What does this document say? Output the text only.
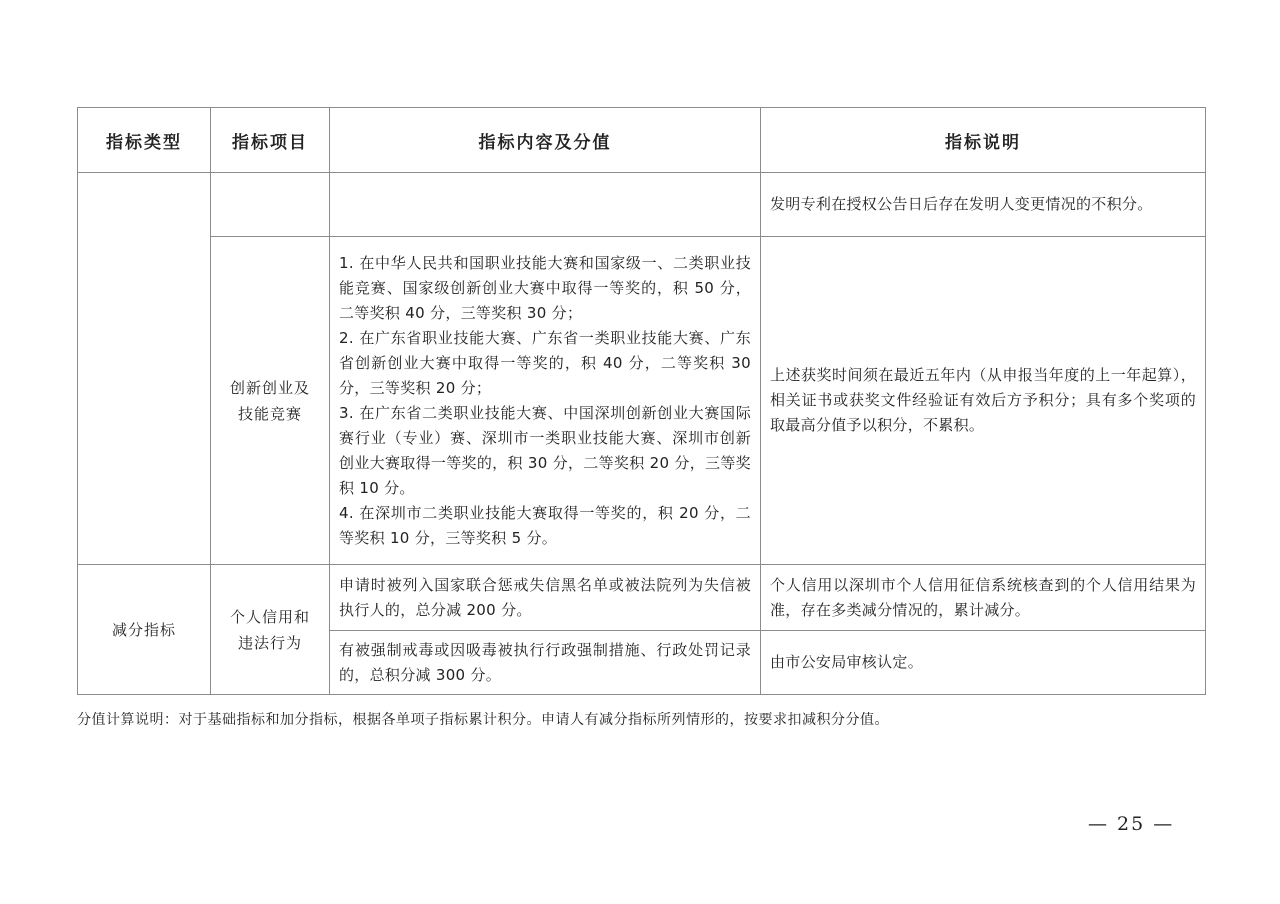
指标类型	指标项目	指标内容及分值	指标说明
			发明专利在授权公告日后存在发明人变更情况的不积分。

	创新创业及技能竞赛	1. 在中华人民共和国职业技能大赛和国家级一、二类职业技能竞赛、国家级创新创业大赛中取得一等奖的，积 50 分，二等奖积 40 分，三等奖积 30 分；
2. 在广东省职业技能大赛、广东省一类职业技能大赛、广东省创新创业大赛中取得一等奖的，积 40 分，二等奖积 30 分，三等奖积 20 分；
3. 在广东省二类职业技能大赛、中国深圳创新创业大赛国际赛行业（专业）赛、深圳市一类职业技能大赛、深圳市创新创业大赛取得一等奖的，积 30 分，二等奖积 20 分，三等奖积 10 分。
4. 在深圳市二类职业技能大赛取得一等奖的，积 20 分，二等奖积 10 分，三等奖积 5 分。	上述获奖时间须在最近五年内（从申报当年度的上一年起算），相关证书或获奖文件经验证有效后方予积分；具有多个奖项的取最高分值予以积分，不累积。
减分指标	个人信用和违法行为	申请时被列入国家联合惩戒失信黑名单或被法院列为失信被执行人的，总分减 200 分。	个人信用以深圳市个人信用征信系统核查到的个人信用结果为准，存在多类减分情况的，累计减分。
		有被强制戒毒或因吸毒被执行行政强制措施、行政处罚记录的，总积分减 300 分。	由市公安局审核认定。
分值计算说明：对于基础指标和加分指标，根据各单项子指标累计积分。申请人有减分指标所列情形的，按要求扣减积分分值。
— 25 —
